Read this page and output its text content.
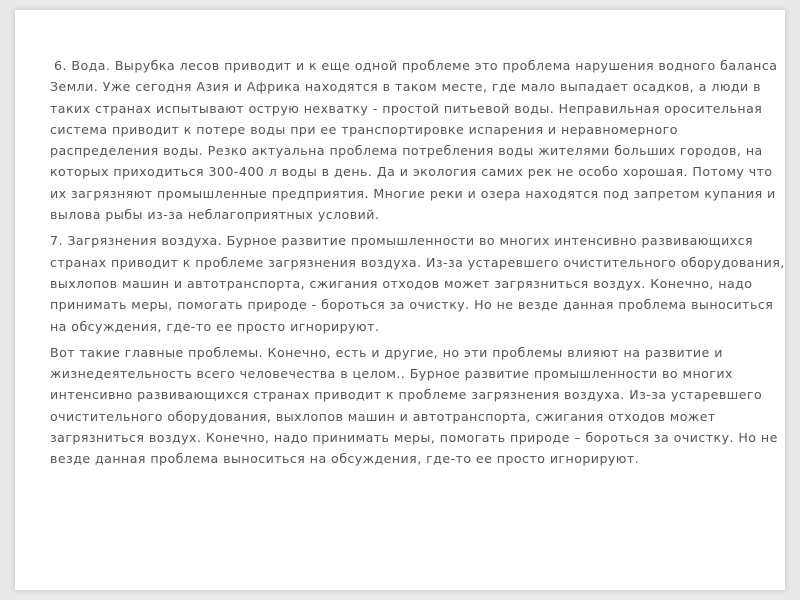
6. Вода. Вырубка лесов приводит и к еще одной проблеме это проблема нарушения водного баланса Земли. Уже сегодня Азия и Африка находятся в таком месте, где мало выпадает осадков, а люди в таких странах испытывают острую нехватку - простой питьевой воды. Неправильная оросительная система приводит к потере воды при ее транспортировке испарения и неравномерного распределения воды. Резко актуальна проблема потребления воды жителями больших городов, на которых приходиться 300-400 л воды в день. Да и экология самих рек не особо хорошая. Потому что их загрязняют промышленные предприятия. Многие реки и озера находятся под запретом купания и вылова рыбы из-за неблагоприятных условий.

7. Загрязнения воздуха. Бурное развитие промышленности во многих интенсивно развивающихся странах приводит к проблеме загрязнения воздуха. Из-за устаревшего очистительного оборудования, выхлопов машин и автотранспорта, сжигания отходов может загрязниться воздух. Конечно, надо принимать меры, помогать природе - бороться за очистку. Но не везде данная проблема выноситься на обсуждения, где-то ее просто игнорируют.

Вот такие главные проблемы. Конечно, есть и другие, но эти проблемы влияют на развитие и жизнедеятельность всего человечества в целом.. Бурное развитие промышленности во многих интенсивно развивающихся странах приводит к проблеме загрязнения воздуха. Из-за устаревшего очистительного оборудования, выхлопов машин и автотранспорта, сжигания отходов может загрязниться воздух. Конечно, надо принимать меры, помогать природе – бороться за очистку. Но не везде данная проблема выноситься на обсуждения, где-то ее просто игнорируют.
